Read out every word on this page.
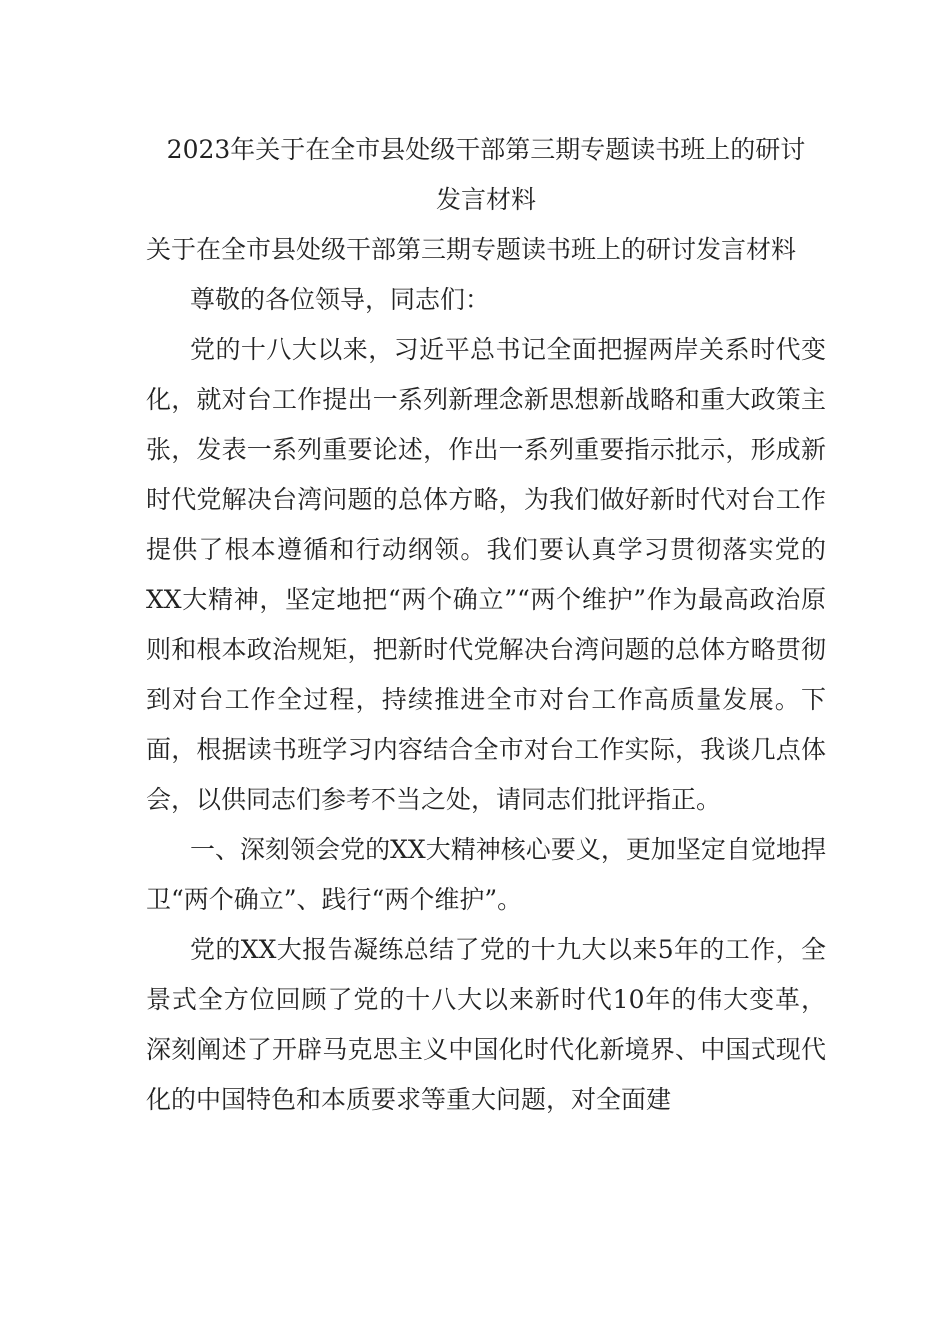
2023年关于在全市县处级干部第三期专题读书班上的研讨
发言材料

关于在全市县处级干部第三期专题读书班上的研讨发言材料

尊敬的各位领导，同志们：

党的十八大以来，习近平总书记全面把握两岸关系时代变化，就对台工作提出一系列新理念新思想新战略和重大政策主张，发表一系列重要论述，作出一系列重要指示批示，形成新时代党解决台湾问题的总体方略，为我们做好新时代对台工作提供了根本遵循和行动纲领。我们要认真学习贯彻落实党的XX大精神，坚定地把“两个确立”“两个维护”作为最高政治原则和根本政治规矩，把新时代党解决台湾问题的总体方略贯彻到对台工作全过程，持续推进全市对台工作高质量发展。下面，根据读书班学习内容结合全市对台工作实际，我谈几点体会，以供同志们参考不当之处，请同志们批评指正。

一、深刻领会党的XX大精神核心要义，更加坚定自觉地捍卫“两个确立”、践行“两个维护”。

党的XX大报告凝练总结了党的十九大以来5年的工作，全景式全方位回顾了党的十八大以来新时代10年的伟大变革，深刻阐述了开辟马克思主义中国化时代化新境界、中国式现代化的中国特色和本质要求等重大问题，对全面建
